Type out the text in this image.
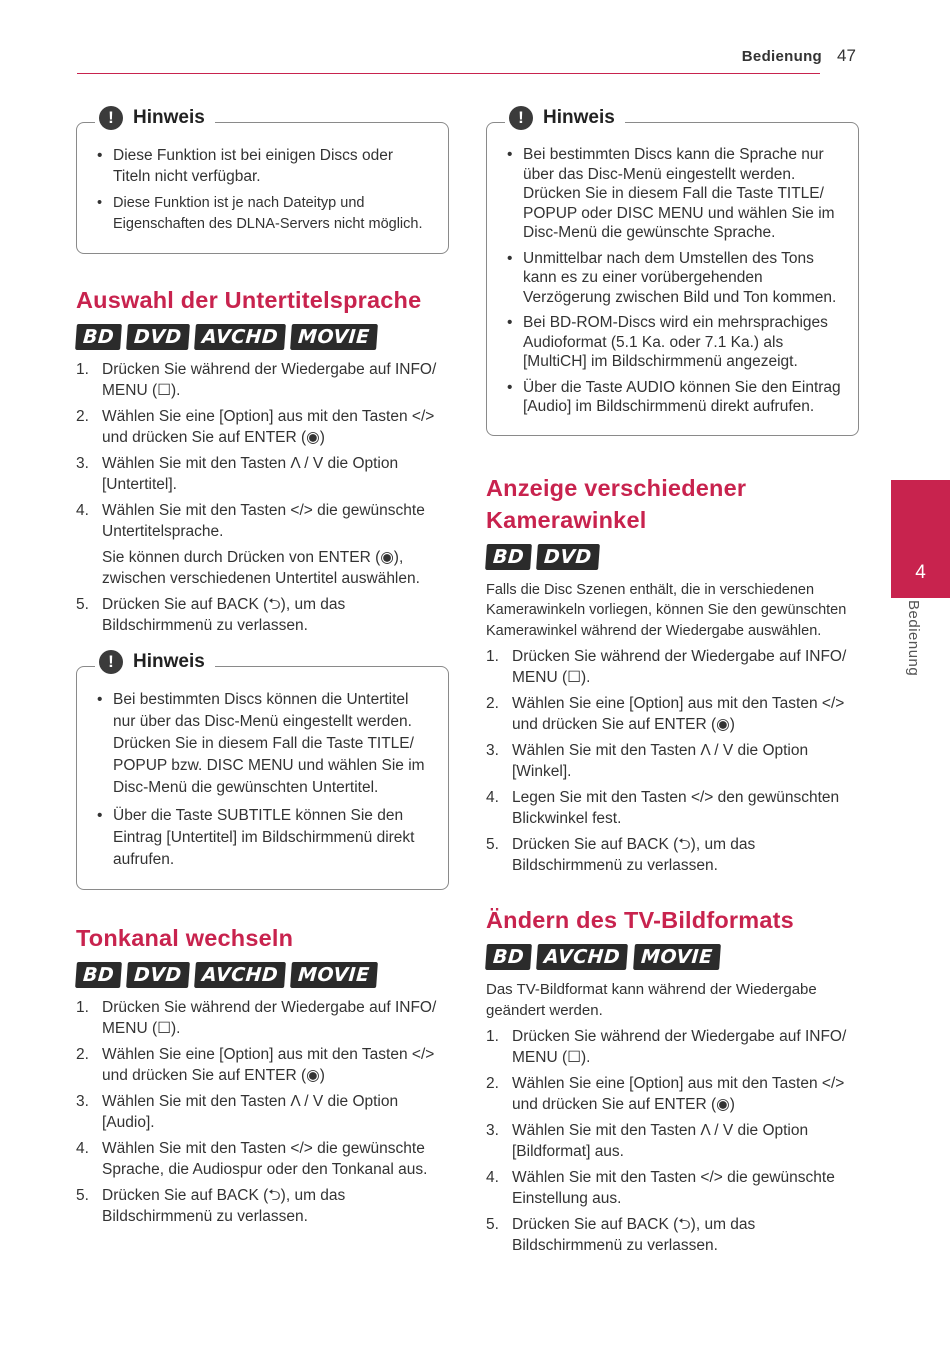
Bedienung 47
4
Bedienung
!	Hinweis
• Diese Funktion ist bei einigen Discs oder Titeln nicht verfügbar.
• Diese Funktion ist je nach Dateityp und Eigenschaften des DLNA-Servers nicht möglich.
Auswahl der Untertitelsprache
BD DVD AVCHD MOVIE
1. Drücken Sie während der Wiedergabe auf INFO/ MENU (☐).
2. Wählen Sie eine [Option] aus mit den Tasten </> und drücken Sie auf ENTER (◉)
3. Wählen Sie mit den Tasten Λ / V die Option [Untertitel].
4. Wählen Sie mit den Tasten </> die gewünschte Untertitelsprache.
Sie können durch Drücken von ENTER (◉), zwischen verschiedenen Untertitel auswählen.
5. Drücken Sie auf BACK (⮌), um das Bildschirmmenü zu verlassen.
!	Hinweis
• Bei bestimmten Discs können die Untertitel nur über das Disc-Menü eingestellt werden. Drücken Sie in diesem Fall die Taste TITLE/ POPUP bzw. DISC MENU und wählen Sie im Disc-Menü die gewünschten Untertitel.
• Über die Taste SUBTITLE können Sie den Eintrag [Untertitel] im Bildschirmmenü direkt aufrufen.
Tonkanal wechseln
BD DVD AVCHD MOVIE
1. Drücken Sie während der Wiedergabe auf INFO/ MENU (☐).
2. Wählen Sie eine [Option] aus mit den Tasten </> und drücken Sie auf ENTER (◉)
3. Wählen Sie mit den Tasten Λ / V die Option [Audio].
4. Wählen Sie mit den Tasten </> die gewünschte Sprache, die Audiospur oder den Tonkanal aus.
5. Drücken Sie auf BACK (⮌), um das Bildschirmmenü zu verlassen.
!	Hinweis
• Bei bestimmten Discs kann die Sprache nur über das Disc-Menü eingestellt werden. Drücken Sie in diesem Fall die Taste TITLE/ POPUP oder DISC MENU und wählen Sie im Disc-Menü die gewünschte Sprache.
• Unmittelbar nach dem Umstellen des Tons kann es zu einer vorübergehenden Verzögerung zwischen Bild und Ton kommen.
• Bei BD-ROM-Discs wird ein mehrsprachiges Audioformat (5.1 Ka. oder 7.1 Ka.) als [MultiCH] im Bildschirmmenü angezeigt.
• Über die Taste AUDIO können Sie den Eintrag [Audio] im Bildschirmmenü direkt aufrufen.
Anzeige verschiedener
Kamerawinkel
BD DVD

Falls die Disc Szenen enthält, die in verschiedenen Kamerawinkeln vorliegen, können Sie den gewünschten Kamerawinkel während der Wiedergabe auswählen.

1. Drücken Sie während der Wiedergabe auf INFO/ MENU (☐).
2. Wählen Sie eine [Option] aus mit den Tasten </> und drücken Sie auf ENTER (◉)
3. Wählen Sie mit den Tasten Λ / V die Option [Winkel].
4. Legen Sie mit den Tasten </> den gewünschten Blickwinkel fest.
5. Drücken Sie auf BACK (⮌), um das Bildschirmmenü zu verlassen.
Ändern des TV-Bildformats
BD AVCHD MOVIE

Das TV-Bildformat kann während der Wiedergabe geändert werden.

1. Drücken Sie während der Wiedergabe auf INFO/ MENU (☐).
2. Wählen Sie eine [Option] aus mit den Tasten </> und drücken Sie auf ENTER (◉)
3. Wählen Sie mit den Tasten Λ / V die Option [Bildformat] aus.
4. Wählen Sie mit den Tasten </> die gewünschte Einstellung aus.
5. Drücken Sie auf BACK (⮌), um das Bildschirmmenü zu verlassen.
